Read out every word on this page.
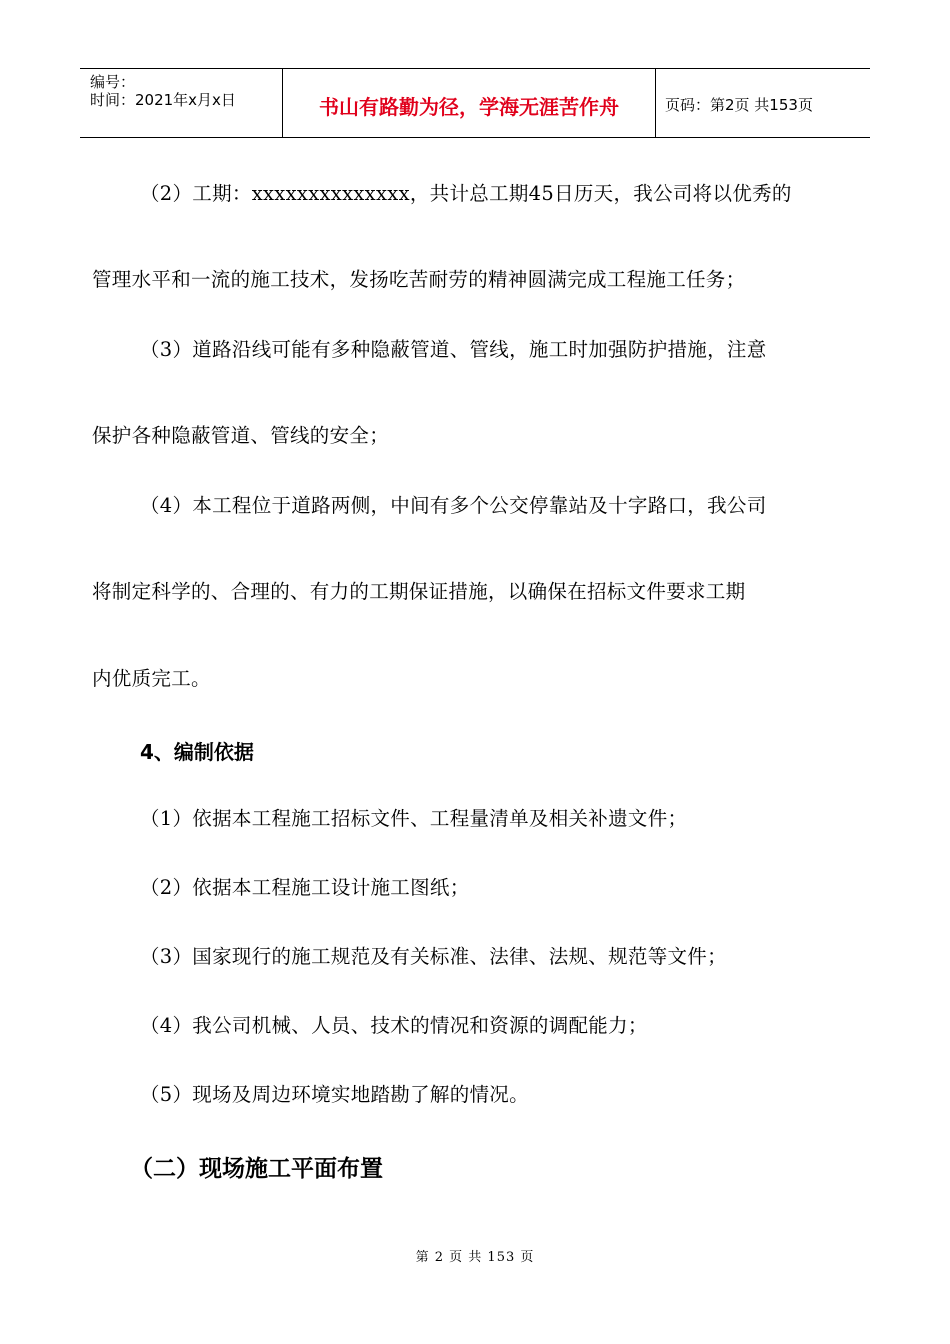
编号：
时间：2021年x月x日	书山有路勤为径，学海无涯苦作舟	页码：第2页 共153页
（2）工期：xxxxxxxxxxxxxx，共计总工期45日历天，我公司将以优秀的
管理水平和一流的施工技术，发扬吃苦耐劳的精神圆满完成工程施工任务；
（3）道路沿线可能有多种隐蔽管道、管线，施工时加强防护措施，注意
保护各种隐蔽管道、管线的安全；
（4）本工程位于道路两侧，中间有多个公交停靠站及十字路口，我公司
将制定科学的、合理的、有力的工期保证措施，以确保在招标文件要求工期
内优质完工。
4、编制依据
（1）依据本工程施工招标文件、工程量清单及相关补遗文件；
（2）依据本工程施工设计施工图纸；
（3）国家现行的施工规范及有关标准、法律、法规、规范等文件；
（4）我公司机械、人员、技术的情况和资源的调配能力；
（5）现场及周边环境实地踏勘了解的情况。
（二）现场施工平面布置
第 2 页 共 153 页
